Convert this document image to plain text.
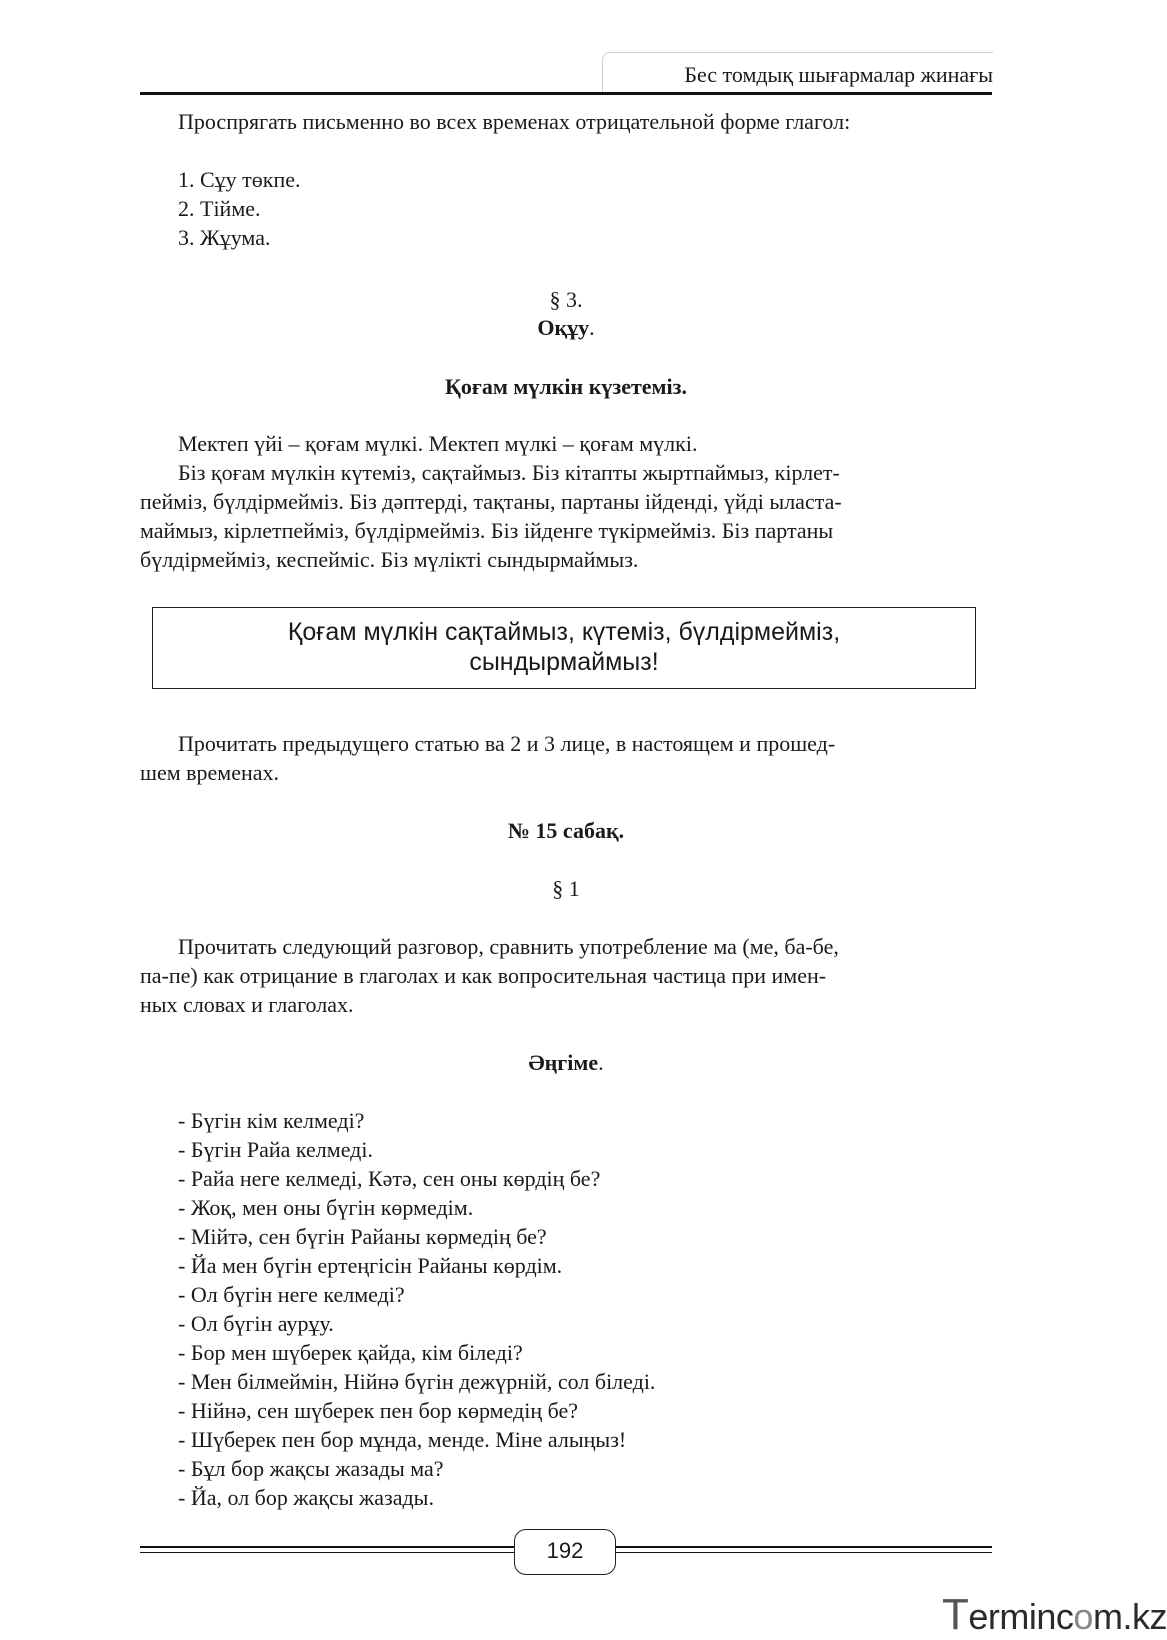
Бес томдық шығармалар жинағы
Проспрягать письменно во всех временах отрицательной форме глагол:
1. Сұу төкпе.
2. Тійме.
3. Жұума.
§ 3.
Оқұу.
Қоғам мүлкін күзетеміз.
Мектеп үйі – қоғам мүлкі. Мектеп мүлкі – қоғам мүлкі.
Біз қоғам мүлкін күтеміз, сақтаймыз. Біз кітапты жыртпаймыз, кірлет-
пейміз, бүлдірмейміз. Біз дәптерді, тақтаны, партаны ійденді, үйді ыласта-
маймыз, кірлетпейміз, бүлдірмейміз. Біз ійденге түкірмейміз. Біз партаны
бүлдірмейміз, кеспейміс. Біз мүлікті сындырмаймыз.
Қоғам мүлкін сақтаймыз, күтеміз, бүлдірмейміз,
сындырмаймыз!
Прочитать предыдущего статью ва 2 и 3 лице, в настоящем и прошед-
шем временах.
№ 15 сабақ.
§ 1
Прочитать следующий разговор, сравнить употребление ма (ме, ба-бе,
па-пе) как отрицание в глаголах и как вопросительная частица при имен-
ных словах и глаголах.
Әңгіме.
- Бүгін кім келмеді?
- Бүгін Райа келмеді.
- Райа неге келмеді, Кәтә, сен оны көрдің бе?
- Жоқ, мен оны бүгін көрмедім.
- Мійтә, сен бүгін Райаны көрмедің бе?
- Йа мен бүгін ертеңгісін Райаны көрдім.
- Ол бүгін неге келмеді?
- Ол бүгін аурұу.
- Бор мен шүберек қайда, кім біледі?
- Мен білмеймін, Нійнә бүгін дежүрній, сол біледі.
- Нійнә, сен шүберек пен бор көрмедің бе?
- Шүберек пен бор мұнда, менде. Міне алыңыз!
- Бұл бор жақсы жазады ма?
- Йа, ол бор жақсы жазады.
192
Termincom.kz
